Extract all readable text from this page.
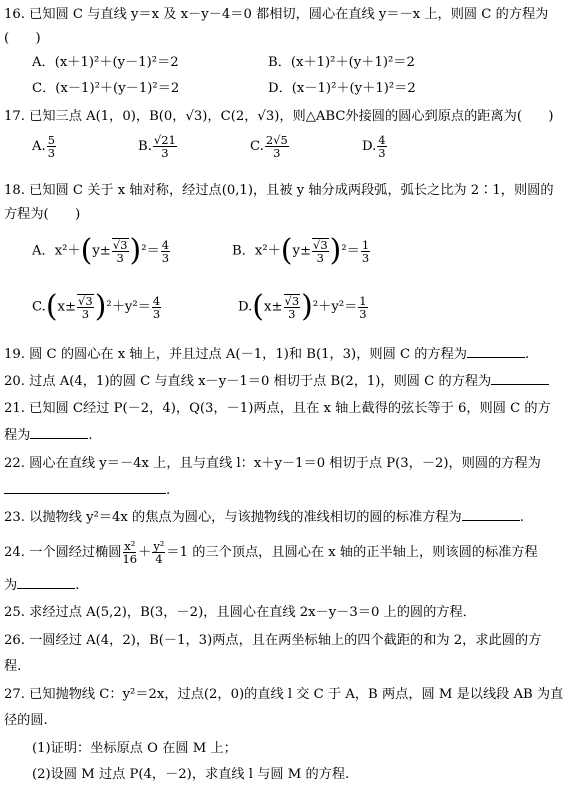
16. 已知圆 C 与直线 y＝x 及 x－y－4＝0 都相切，圆心在直线 y＝－x 上，则圆 C 的方程为
(　　)
A．(x＋1)²＋(y－1)²＝2	B．(x＋1)²＋(y＋1)²＝2
C．(x－1)²＋(y－1)²＝2	D．(x－1)²＋(y＋1)²＝2
17. 已知三点 A(1，0)，B(0，√3)，C(2，√3)，则△ABC外接圆的圆心到原点的距离为(　　)
A. $\frac{5}{3}$	B. $\frac{√21}{3}$	C. $\frac{2√5}{3}$	D. $\frac{4}{3}$
18. 已知圆 C 关于 x 轴对称，经过点(0,1)，且被 y 轴分成两段弧，弧长之比为 2∶1，则圆的
方程为(　　)
A．$x^2+(y\pm \frac{√3}{3} )^2= \frac{4}{3}$	B．$x^2+(y\pm \frac{√3}{3} )^2= \frac{1}{3}$
$C.(x\pm \frac{√3}{3} )^2+y^2= \frac{4}{3}$	$D.(x\pm \frac{√3}{3} )^2+y^2= \frac{1}{3}$
19. 圆 C 的圆心在 x 轴上，并且过点 A(－1，1)和 B(1，3)，则圆 C 的方程为	.
20. 过点 A(4，1)的圆 C 与直线 x－y－1＝0 相切于点 B(2，1)，则圆 C 的方程为
21. 已知圆 C经过 P(－2，4)，Q(3，－1)两点，且在 x 轴上截得的弦长等于 6，则圆 C 的方
程为	.
22. 圆心在直线 y＝－4x 上，且与直线 l：x＋y－1＝0 相切于点 P(3，－2)，则圆的方程为
.
23. 以抛物线 y²＝4x 的焦点为圆心，与该抛物线的准线相切的圆的标准方程为	.
24. 一个圆经过椭圆 $\frac{\text{x²}}{16} + \frac{\text{y²}}{4} =1$ 的三个顶点，且圆心在 x 轴的正半轴上，则该圆的标准方程
为	.
25. 求经过点 A(5,2)，B(3，－2)，且圆心在直线 2x－y－3＝0 上的圆的方程．
26. 一圆经过 A(4，2)，B(－1，3)两点，且在两坐标轴上的四个截距的和为 2，求此圆的方
程.
27. 已知抛物线 C：y²＝2x，过点(2，0)的直线 l 交 C 于 A，B 两点，圆 M 是以线段 AB 为直
径的圆.
(1)证明：坐标原点 O 在圆 M 上；
(2)设圆 M 过点 P(4，－2)，求直线 l 与圆 M 的方程.
